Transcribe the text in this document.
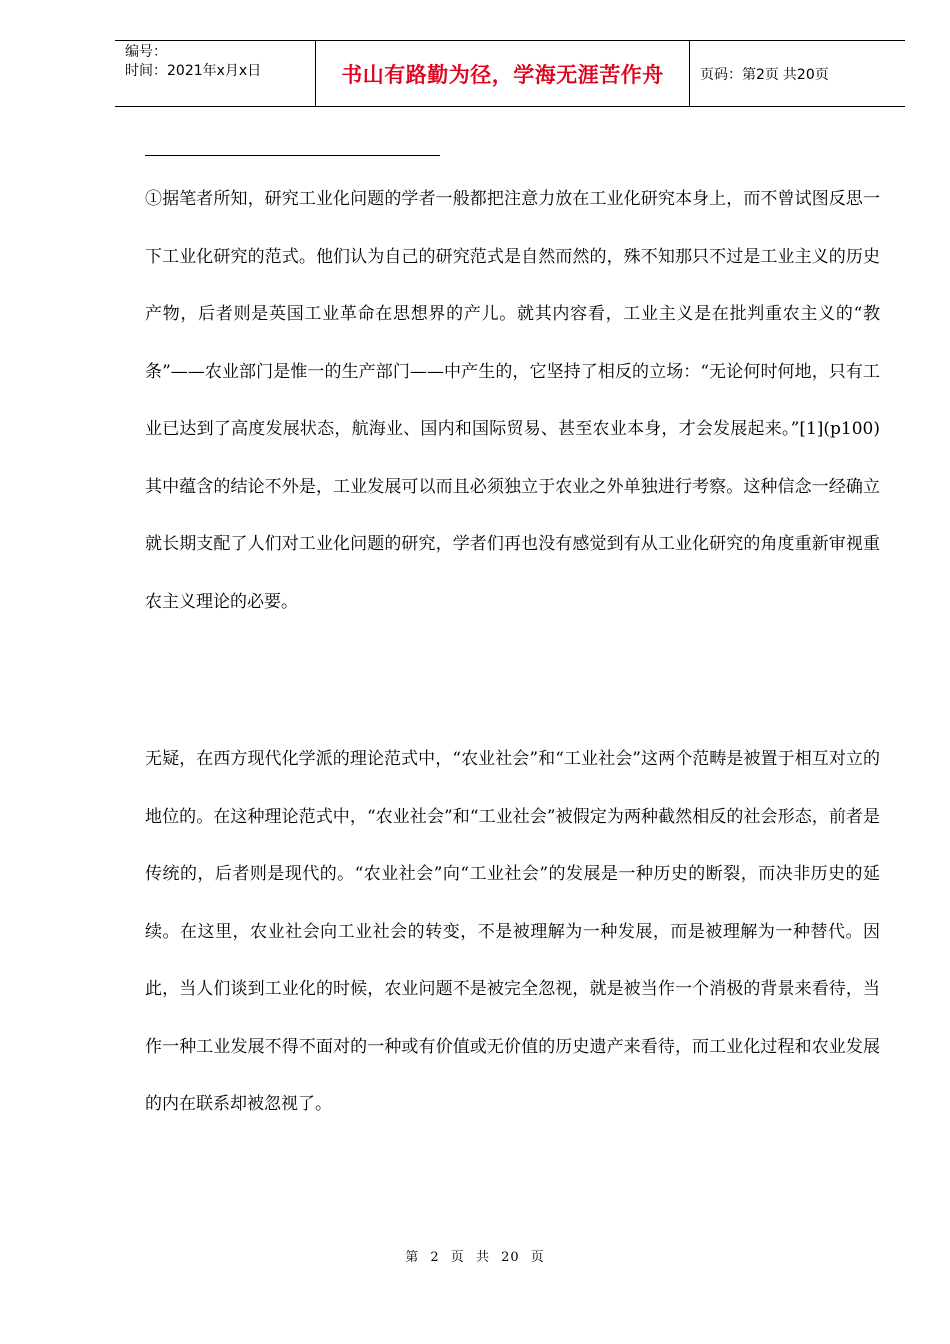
编号：
时间：2021年x月x日	书山有路勤为径，学海无涯苦作舟	页码：第2页 共20页

①据笔者所知，研究工业化问题的学者一般都把注意力放在工业化研究本身上，而不曾试图反思一下工业化研究的范式。他们认为自己的研究范式是自然而然的，殊不知那只不过是工业主义的历史产物，后者则是英国工业革命在思想界的产儿。就其内容看，工业主义是在批判重农主义的“教条”——农业部门是惟一的生产部门——中产生的，它坚持了相反的立场：“无论何时何地，只有工业已达到了高度发展状态，航海业、国内和国际贸易、甚至农业本身，才会发展起来。”[1](p100)其中蕴含的结论不外是，工业发展可以而且必须独立于农业之外单独进行考察。这种信念一经确立就长期支配了人们对工业化问题的研究，学者们再也没有感觉到有从工业化研究的角度重新审视重农主义理论的必要。

无疑，在西方现代化学派的理论范式中，“农业社会”和“工业社会”这两个范畴是被置于相互对立的地位的。在这种理论范式中，“农业社会”和“工业社会”被假定为两种截然相反的社会形态，前者是传统的，后者则是现代的。“农业社会”向“工业社会”的发展是一种历史的断裂，而决非历史的延续。在这里，农业社会向工业社会的转变，不是被理解为一种发展，而是被理解为一种替代。因此，当人们谈到工业化的时候，农业问题不是被完全忽视，就是被当作一个消极的背景来看待，当作一种工业发展不得不面对的一种或有价值或无价值的历史遗产来看待，而工业化过程和农业发展的内在联系却被忽视了。

第 2 页 共 20 页
